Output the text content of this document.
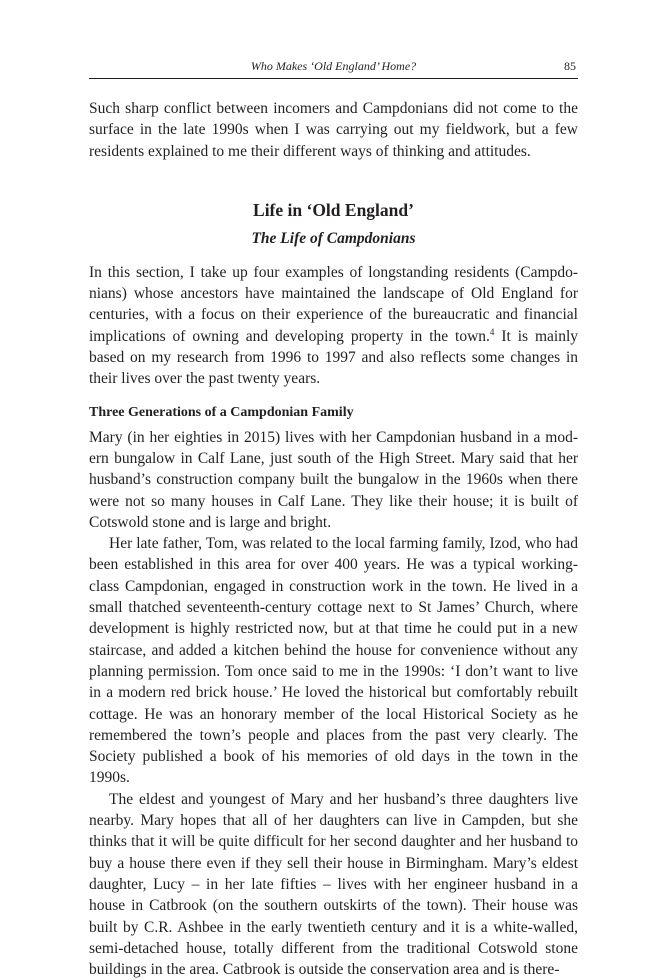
Who Makes ‘Old England’ Home?	85

Such sharp conflict between incomers and Campdonians did not come to the surface in the late 1990s when I was carrying out my fieldwork, but a few residents explained to me their different ways of thinking and attitudes.

Life in ‘Old England’
The Life of Campdonians

In this section, I take up four examples of longstanding residents (Campdonians) whose ancestors have maintained the landscape of Old England for centuries, with a focus on their experience of the bureaucratic and financial implications of owning and developing property in the town.$^4$ It is mainly based on my research from 1996 to 1997 and also reflects some changes in their lives over the past twenty years.

Three Generations of a Campdonian Family

Mary (in her eighties in 2015) lives with her Campdonian husband in a modern bungalow in Calf Lane, just south of the High Street. Mary said that her husband’s construction company built the bungalow in the 1960s when there were not so many houses in Calf Lane. They like their house; it is built of Cotswold stone and is large and bright.

Her late father, Tom, was related to the local farming family, Izod, who had been established in this area for over 400 years. He was a typical working-class Campdonian, engaged in construction work in the town. He lived in a small thatched seventeenth-century cottage next to St James’ Church, where development is highly restricted now, but at that time he could put in a new staircase, and added a kitchen behind the house for convenience without any planning permission. Tom once said to me in the 1990s: ‘I don’t want to live in a modern red brick house.’ He loved the historical but comfortably rebuilt cottage. He was an honorary member of the local Historical Society as he remembered the town’s people and places from the past very clearly. The Society published a book of his memories of old days in the town in the 1990s.

The eldest and youngest of Mary and her husband’s three daughters live nearby. Mary hopes that all of her daughters can live in Campden, but she thinks that it will be quite difficult for her second daughter and her husband to buy a house there even if they sell their house in Birmingham. Mary’s eldest daughter, Lucy – in her late fifties – lives with her engineer husband in a house in Catbrook (on the southern outskirts of the town). Their house was built by C.R. Ashbee in the early twentieth century and it is a white-walled, semi-detached house, totally different from the traditional Cotswold stone buildings in the area. Catbrook is outside the conservation area and is there-
